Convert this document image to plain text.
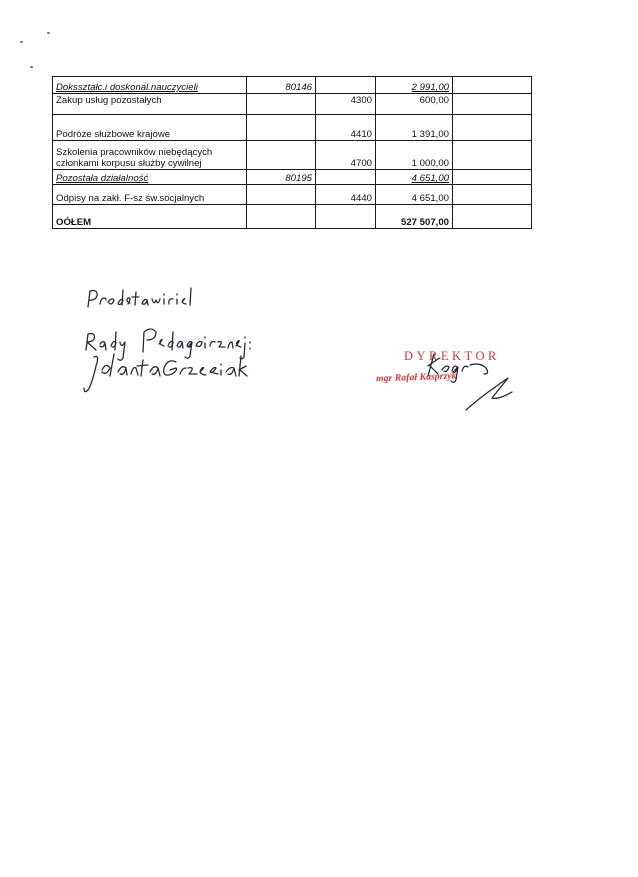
Doksształc.i doskonal.nauczycieli	80146		2 991,00	
Zakup usług pozostałych		4300	600,00	
Podróże służbowe krajowe		4410	1 391,00	

Szkolenia pracowników niebędących
członkami korpusu służby cywilnej		4700	1 000,00	
Pozostała działalność	80195		4 651,00	
Odpisy na zakł. F-sz św.socjalnych		4440	4 651,00	
OÓŁEM			527 507,00	
DYREKTOR
mgr Rafał Kasprzyk
